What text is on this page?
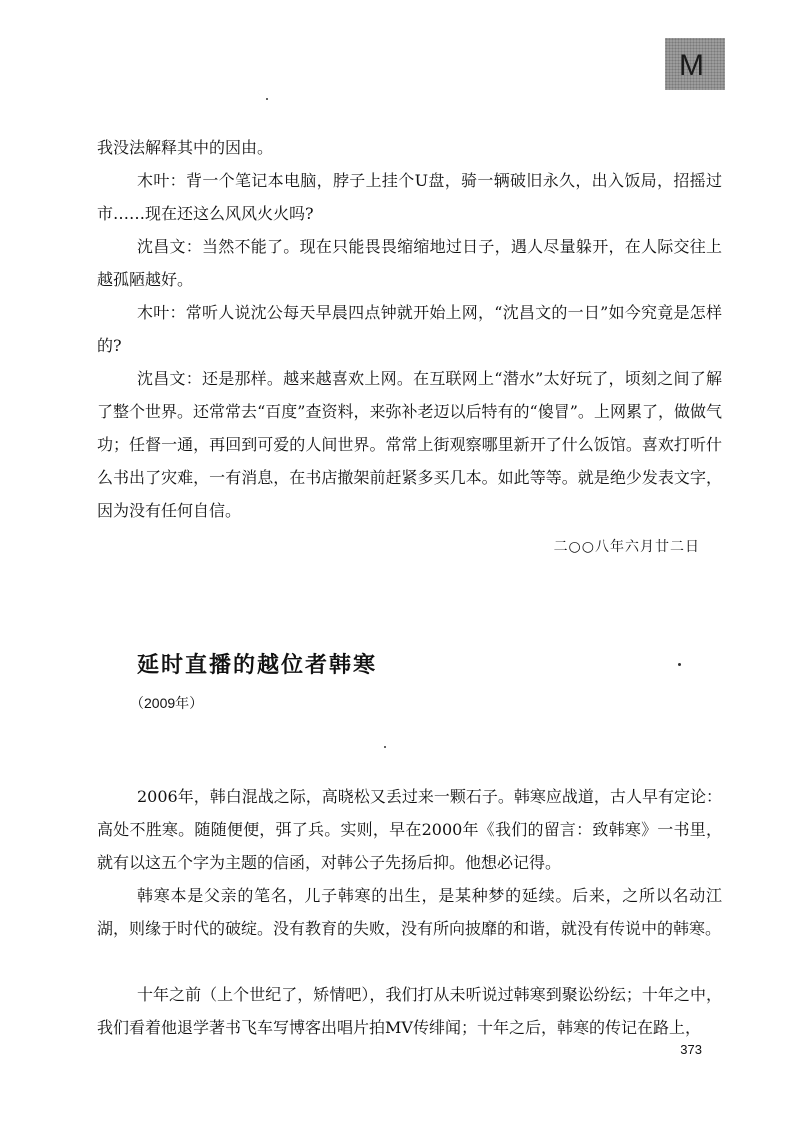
M

我没法解释其中的因由。

木叶：背一个笔记本电脑，脖子上挂个U盘，骑一辆破旧永久，出入饭局，招摇过市……现在还这么风风火火吗?

沈昌文：当然不能了。现在只能畏畏缩缩地过日子，遇人尽量躲开，在人际交往上越孤陋越好。

木叶：常听人说沈公每天早晨四点钟就开始上网，“沈昌文的一日”如今究竟是怎样的?

沈昌文：还是那样。越来越喜欢上网。在互联网上“潜水”太好玩了，顷刻之间了解了整个世界。还常常去“百度”查资料，来弥补老迈以后特有的“傻冒”。上网累了，做做气功；任督一通，再回到可爱的人间世界。常常上街观察哪里新开了什么饭馆。喜欢打听什么书出了灾难，一有消息，在书店撤架前赶紧多买几本。如此等等。就是绝少发表文字，因为没有任何自信。

二○○八年六月廿二日
延时直播的越位者韩寒
（2009年）

2006年，韩白混战之际，高晓松又丢过来一颗石子。韩寒应战道，古人早有定论：高处不胜寒。随随便便，弭了兵。实则，早在2000年《我们的留言：致韩寒》一书里，就有以这五个字为主题的信函，对韩公子先扬后抑。他想必记得。

韩寒本是父亲的笔名，儿子韩寒的出生，是某种梦的延续。后来，之所以名动江湖，则缘于时代的破绽。没有教育的失败，没有所向披靡的和谐，就没有传说中的韩寒。

十年之前（上个世纪了，矫情吧），我们打从未听说过韩寒到聚讼纷纭；十年之中，我们看着他退学著书飞车写博客出唱片拍MV传绯闻；十年之后，韩寒的传记在路上，

373
